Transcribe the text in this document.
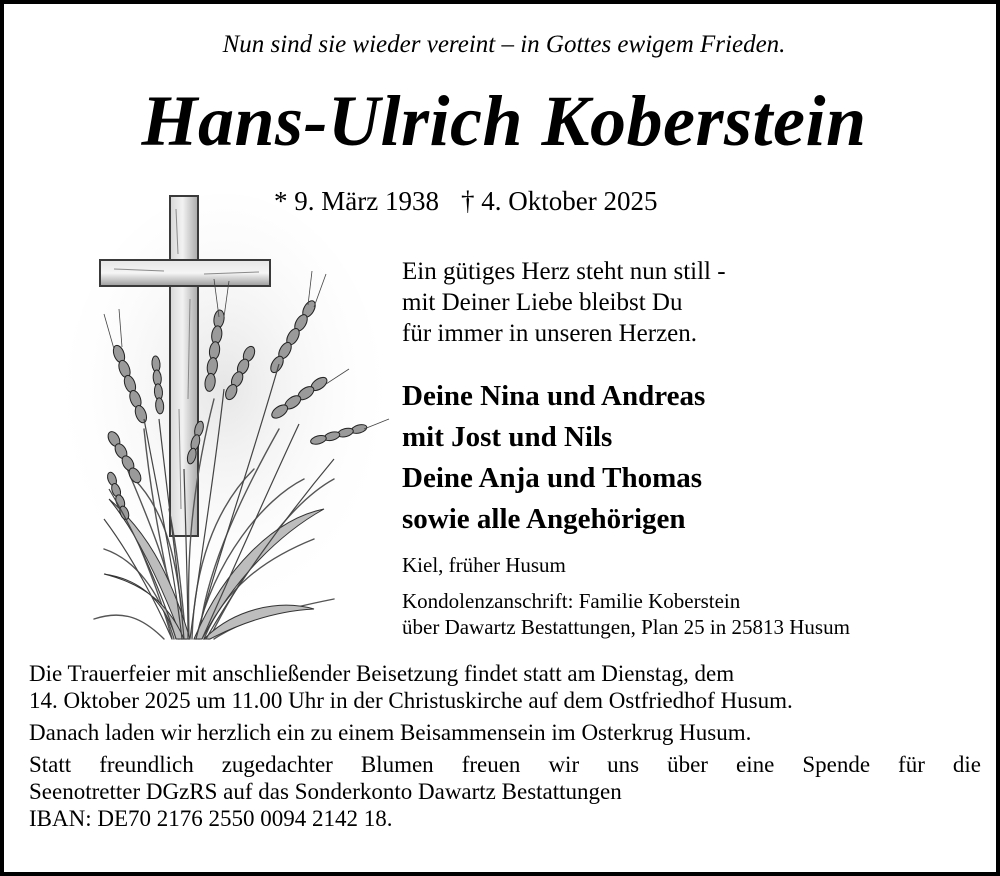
Nun sind sie wieder vereint – in Gottes ewigem Frieden.
Hans-Ulrich Koberstein
* 9. März 1938 † 4. Oktober 2025
Ein gütiges Herz steht nun still -
mit Deiner Liebe bleibst Du
für immer in unseren Herzen.
Deine Nina und Andreas
mit Jost und Nils
Deine Anja und Thomas
sowie alle Angehörigen
Kiel, früher Husum
Kondolenzanschrift: Familie Koberstein
über Dawartz Bestattungen, Plan 25 in 25813 Husum

Die Trauerfeier mit anschließender Beisetzung findet statt am Dienstag, dem
14. Oktober 2025 um 11.00 Uhr in der Christuskirche auf dem Ostfriedhof Husum.

Danach laden wir herzlich ein zu einem Beisammensein im Osterkrug Husum.

Statt freundlich zugedachter Blumen freuen wir uns über eine Spende für die
Seenotretter DGzRS auf das Sonderkonto Dawartz Bestattungen
IBAN: DE70 2176 2550 0094 2142 18.
